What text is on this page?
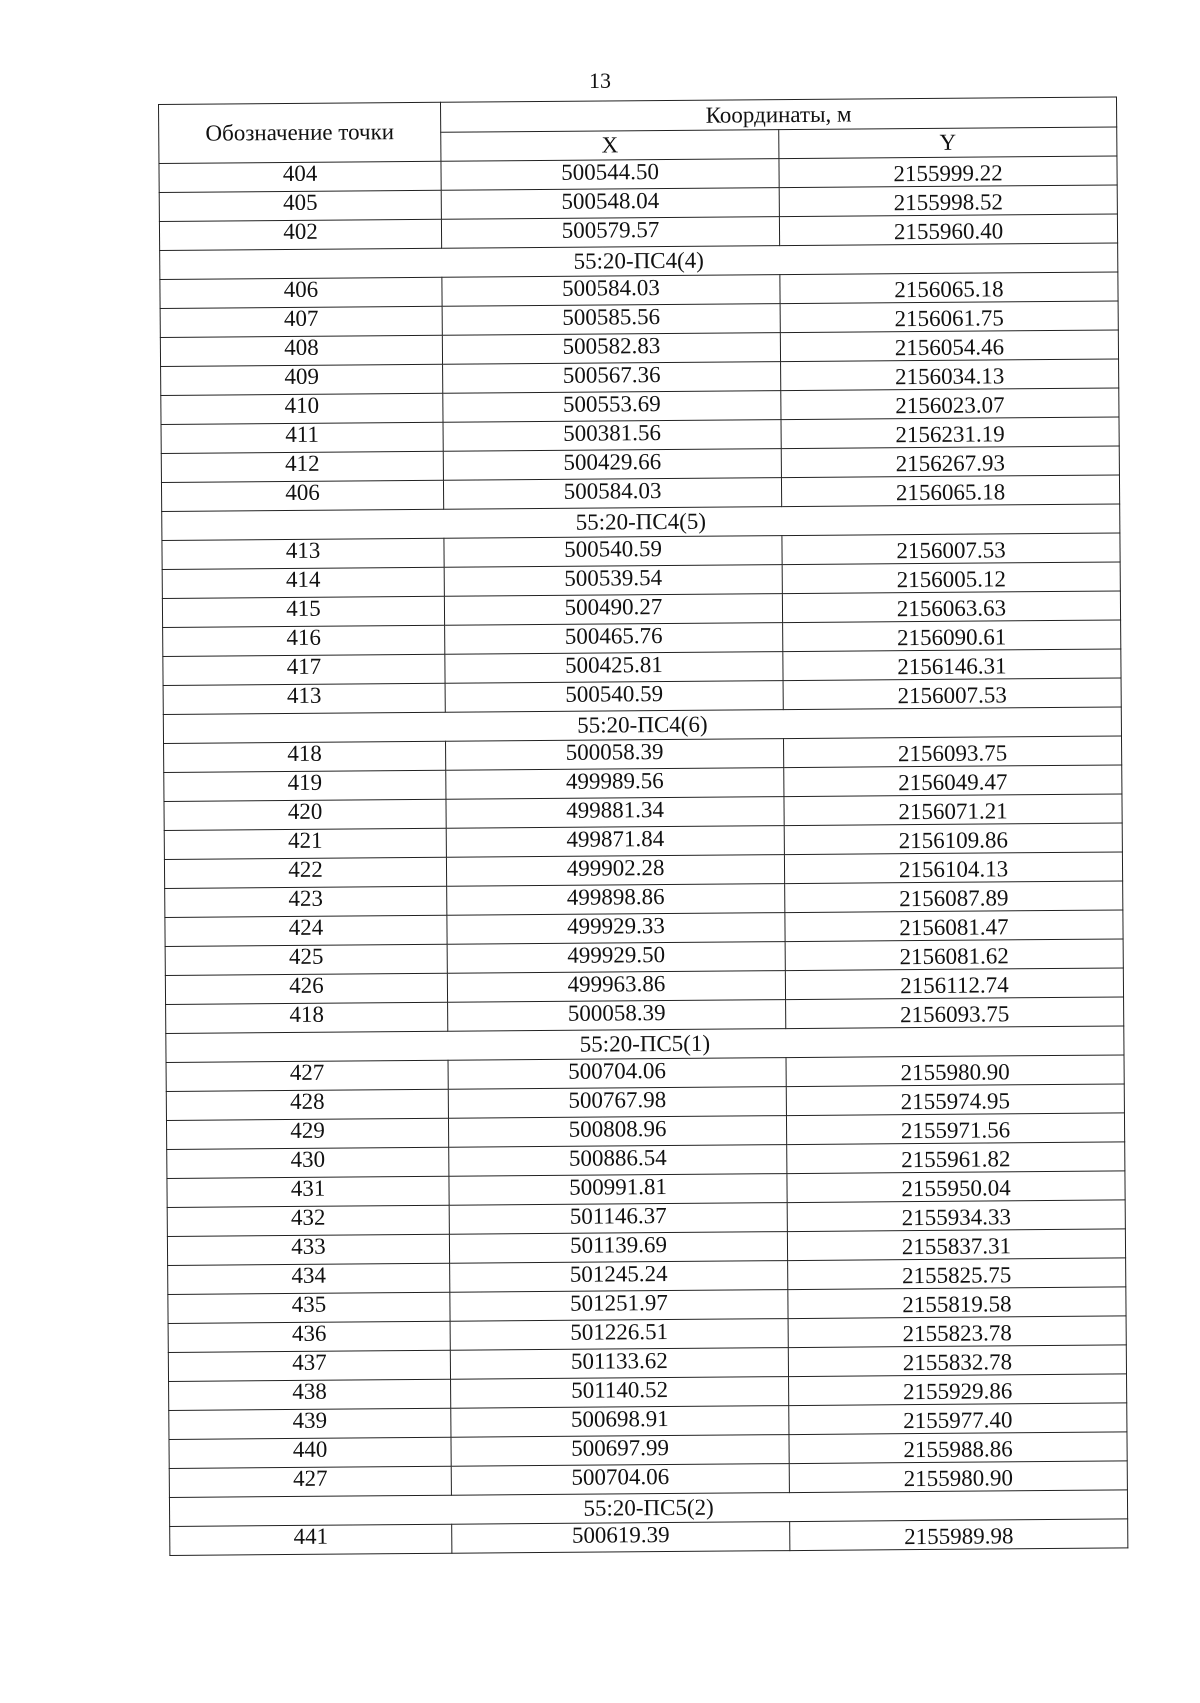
13
Обозначение точки	Координаты, м	
	X	Y
404	500544.50	2155999.22
405	500548.04	2155998.52
402	500579.57	2155960.40
55:20-ПС4(4)		
406	500584.03	2156065.18
407	500585.56	2156061.75
408	500582.83	2156054.46
409	500567.36	2156034.13
410	500553.69	2156023.07
411	500381.56	2156231.19
412	500429.66	2156267.93
406	500584.03	2156065.18
55:20-ПС4(5)		
413	500540.59	2156007.53
414	500539.54	2156005.12
415	500490.27	2156063.63
416	500465.76	2156090.61
417	500425.81	2156146.31
413	500540.59	2156007.53
55:20-ПС4(6)		
418	500058.39	2156093.75
419	499989.56	2156049.47
420	499881.34	2156071.21
421	499871.84	2156109.86
422	499902.28	2156104.13
423	499898.86	2156087.89
424	499929.33	2156081.47
425	499929.50	2156081.62
426	499963.86	2156112.74
418	500058.39	2156093.75
55:20-ПС5(1)		
427	500704.06	2155980.90
428	500767.98	2155974.95
429	500808.96	2155971.56
430	500886.54	2155961.82
431	500991.81	2155950.04
432	501146.37	2155934.33
433	501139.69	2155837.31
434	501245.24	2155825.75
435	501251.97	2155819.58
436	501226.51	2155823.78
437	501133.62	2155832.78
438	501140.52	2155929.86
439	500698.91	2155977.40
440	500697.99	2155988.86
427	500704.06	2155980.90
55:20-ПС5(2)		
441	500619.39	2155989.98
